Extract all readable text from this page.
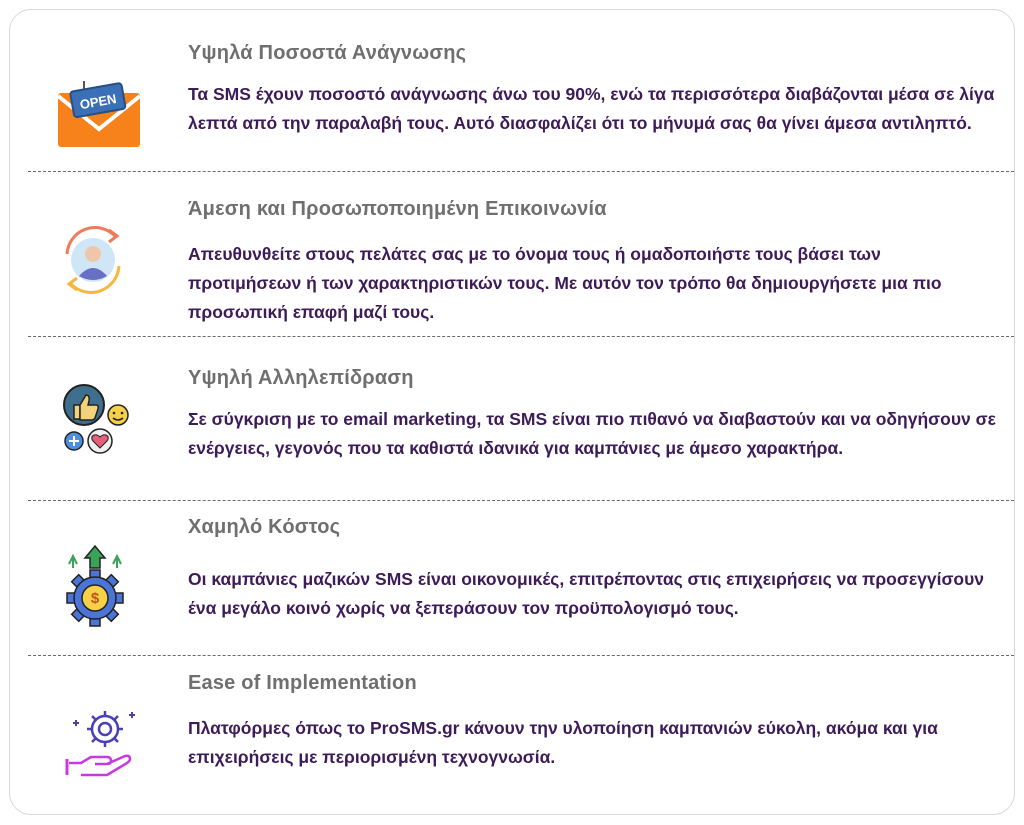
OPEN
Υψηλά Ποσοστά Ανάγνωσης
Τα SMS έχουν ποσοστό ανάγνωσης άνω του 90%, ενώ τα περισσότερα διαβάζονται μέσα σε λίγα λεπτά από την παραλαβή τους. Αυτό διασφαλίζει ότι το μήνυμά σας θα γίνει άμεσα αντιληπτό.
Άμεση και Προσωποποιημένη Επικοινωνία
Απευθυνθείτε στους πελάτες σας με το όνομα τους ή ομαδοποιήστε τους βάσει των προτιμήσεων ή των χαρακτηριστικών τους. Με αυτόν τον τρόπο θα δημιουργήσετε μια πιο προσωπική επαφή μαζί τους.
Υψηλή Αλληλεπίδραση
Σε σύγκριση με το email marketing, τα SMS είναι πιο πιθανό να διαβαστούν και να οδηγήσουν σε ενέργειες, γεγονός που τα καθιστά ιδανικά για καμπάνιες με άμεσο χαρακτήρα.
$
Χαμηλό Κόστος
Οι καμπάνιες μαζικών SMS είναι οικονομικές, επιτρέποντας στις επιχειρήσεις να προσεγγίσουν ένα μεγάλο κοινό χωρίς να ξεπεράσουν τον προϋπολογισμό τους.
Ease of Implementation
Πλατφόρμες όπως το ProSMS.gr κάνουν την υλοποίηση καμπανιών εύκολη, ακόμα και για επιχειρήσεις με περιορισμένη τεχνογνωσία.
